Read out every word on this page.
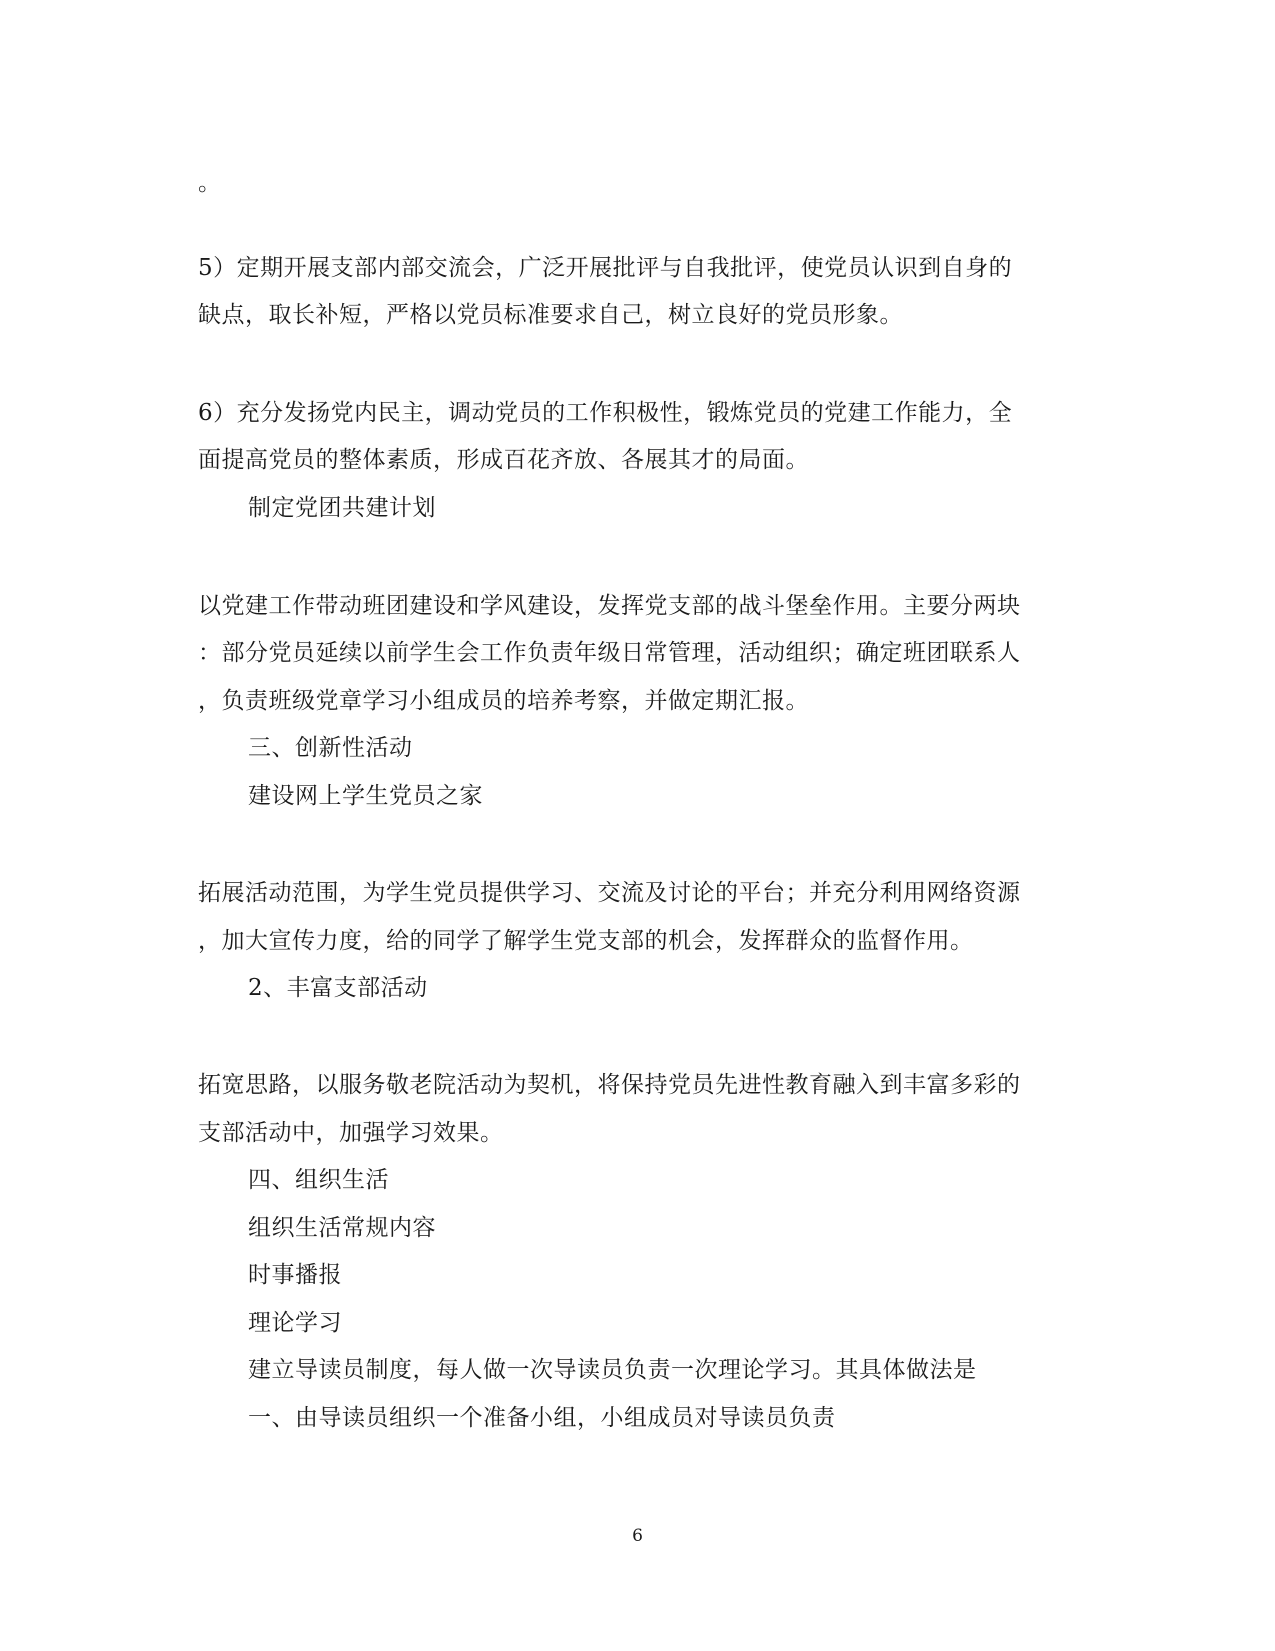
。
5）定期开展支部内部交流会，广泛开展批评与自我批评，使党员认识到自身的
缺点，取长补短，严格以党员标准要求自己，树立良好的党员形象。
6）充分发扬党内民主，调动党员的工作积极性，锻炼党员的党建工作能力，全
面提高党员的整体素质，形成百花齐放、各展其才的局面。
制定党团共建计划
以党建工作带动班团建设和学风建设，发挥党支部的战斗堡垒作用。主要分两块
：部分党员延续以前学生会工作负责年级日常管理，活动组织；确定班团联系人
，负责班级党章学习小组成员的培养考察，并做定期汇报。
三、创新性活动
建设网上学生党员之家
拓展活动范围，为学生党员提供学习、交流及讨论的平台；并充分利用网络资源
，加大宣传力度，给的同学了解学生党支部的机会，发挥群众的监督作用。
2、丰富支部活动
拓宽思路，以服务敬老院活动为契机，将保持党员先进性教育融入到丰富多彩的
支部活动中，加强学习效果。
四、组织生活
组织生活常规内容
时事播报
理论学习
建立导读员制度，每人做一次导读员负责一次理论学习。其具体做法是
一、由导读员组织一个准备小组，小组成员对导读员负责
6
